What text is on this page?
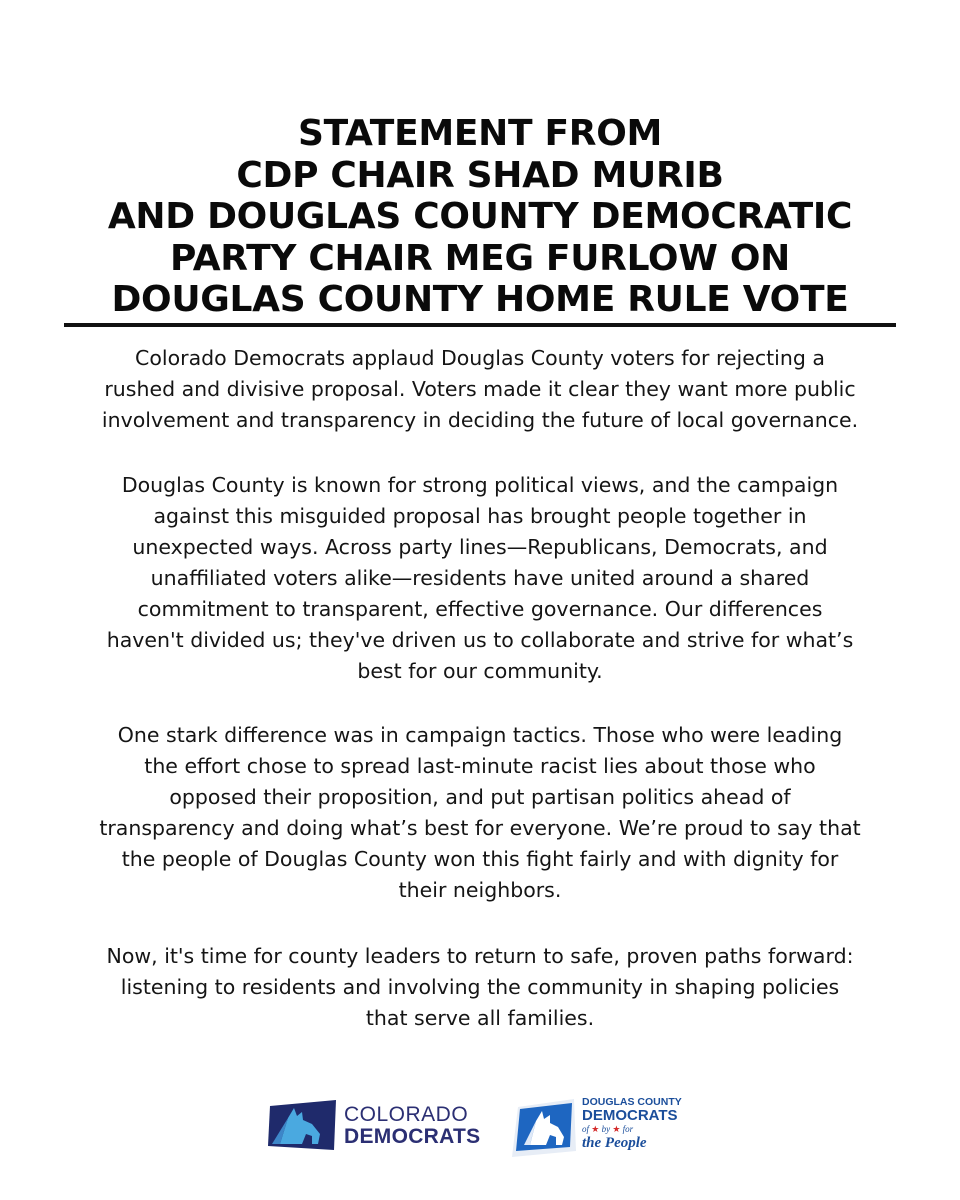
STATEMENT FROM
CDP CHAIR SHAD MURIB
AND DOUGLAS COUNTY DEMOCRATIC
PARTY CHAIR MEG FURLOW ON
DOUGLAS COUNTY HOME RULE VOTE

Colorado Democrats applaud Douglas County voters for rejecting a
rushed and divisive proposal. Voters made it clear they want more public
involvement and transparency in deciding the future of local governance.

Douglas County is known for strong political views, and the campaign
against this misguided proposal has brought people together in
unexpected ways. Across party lines—Republicans, Democrats, and
unaffiliated voters alike—residents have united around a shared
commitment to transparent, effective governance. Our differences
haven't divided us; they've driven us to collaborate and strive for what’s
best for our community.

One stark difference was in campaign tactics. Those who were leading
the effort chose to spread last-minute racist lies about those who
opposed their proposition, and put partisan politics ahead of
transparency and doing what’s best for everyone. We’re proud to say that
the people of Douglas County won this fight fairly and with dignity for
their neighbors.

Now, it's time for county leaders to return to safe, proven paths forward:
listening to residents and involving the community in shaping policies
that serve all families.

COLORADO
DEMOCRATS
DOUGLAS COUNTY
DEMOCRATS
of ★ by ★ for
the People
